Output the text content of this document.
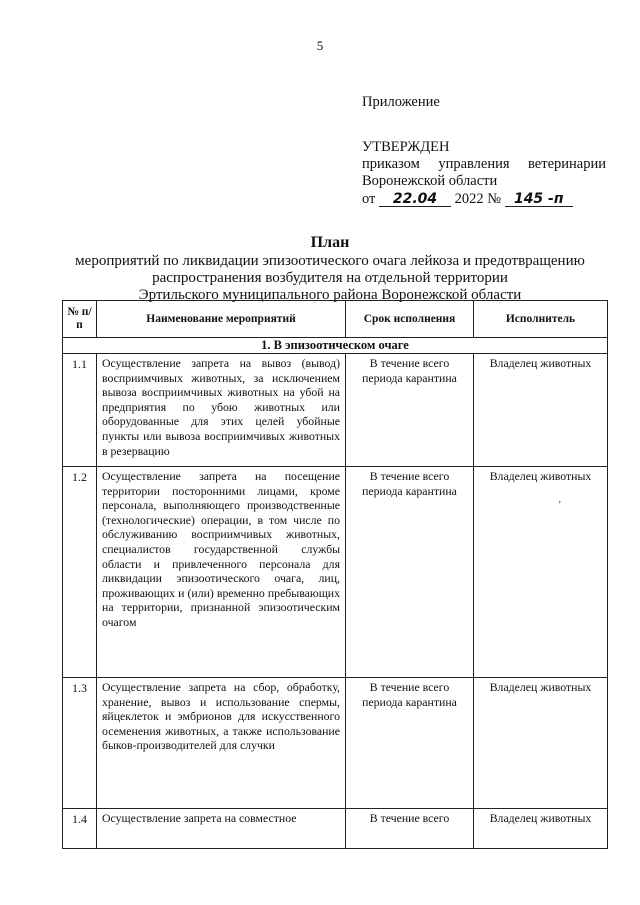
5
Приложение
УТВЕРЖДЕН
приказом управления ветеринарии
Воронежской области
от 22.04 2022 № 145 -п
План
мероприятий по ликвидации эпизоотического очага лейкоза и предотвращению
распространения возбудителя на отдельной территории
Эртильского муниципального района Воронежской области
№ п/п	Наименование мероприятий	Срок исполнения	Исполнитель
1. В эпизоотическом очаге			
1.1	Осуществление запрета на вывоз (вывод) восприимчивых животных, за исключением вывоза восприимчивых животных на убой на предприятия по убою животных или оборудованные для этих целей убойные пункты или вывоза восприимчивых животных в резервацию	В течение всего периода карантина	Владелец животных
1.2	Осуществление запрета на посещение территории посторонними лицами, кроме персонала, выполняющего производственные (технологические) операции, в том числе по обслуживанию восприимчивых животных, специалистов государственной службы области и привлеченного персонала для ликвидации эпизоотического очага, лиц, проживающих и (или) временно пребывающих на территории, признанной эпизоотическим очагом	В течение всего периода карантина	Владелец животных
1.3	Осуществление запрета на сбор, обработку, хранение, вывоз и использование спермы, яйцеклеток и эмбрионов для искусственного осеменения животных, а также использование быков-производителей для случки	В течение всего периода карантина	Владелец животных
1.4	Осуществление запрета на совместное	В течение всего	Владелец животных
ʼ
